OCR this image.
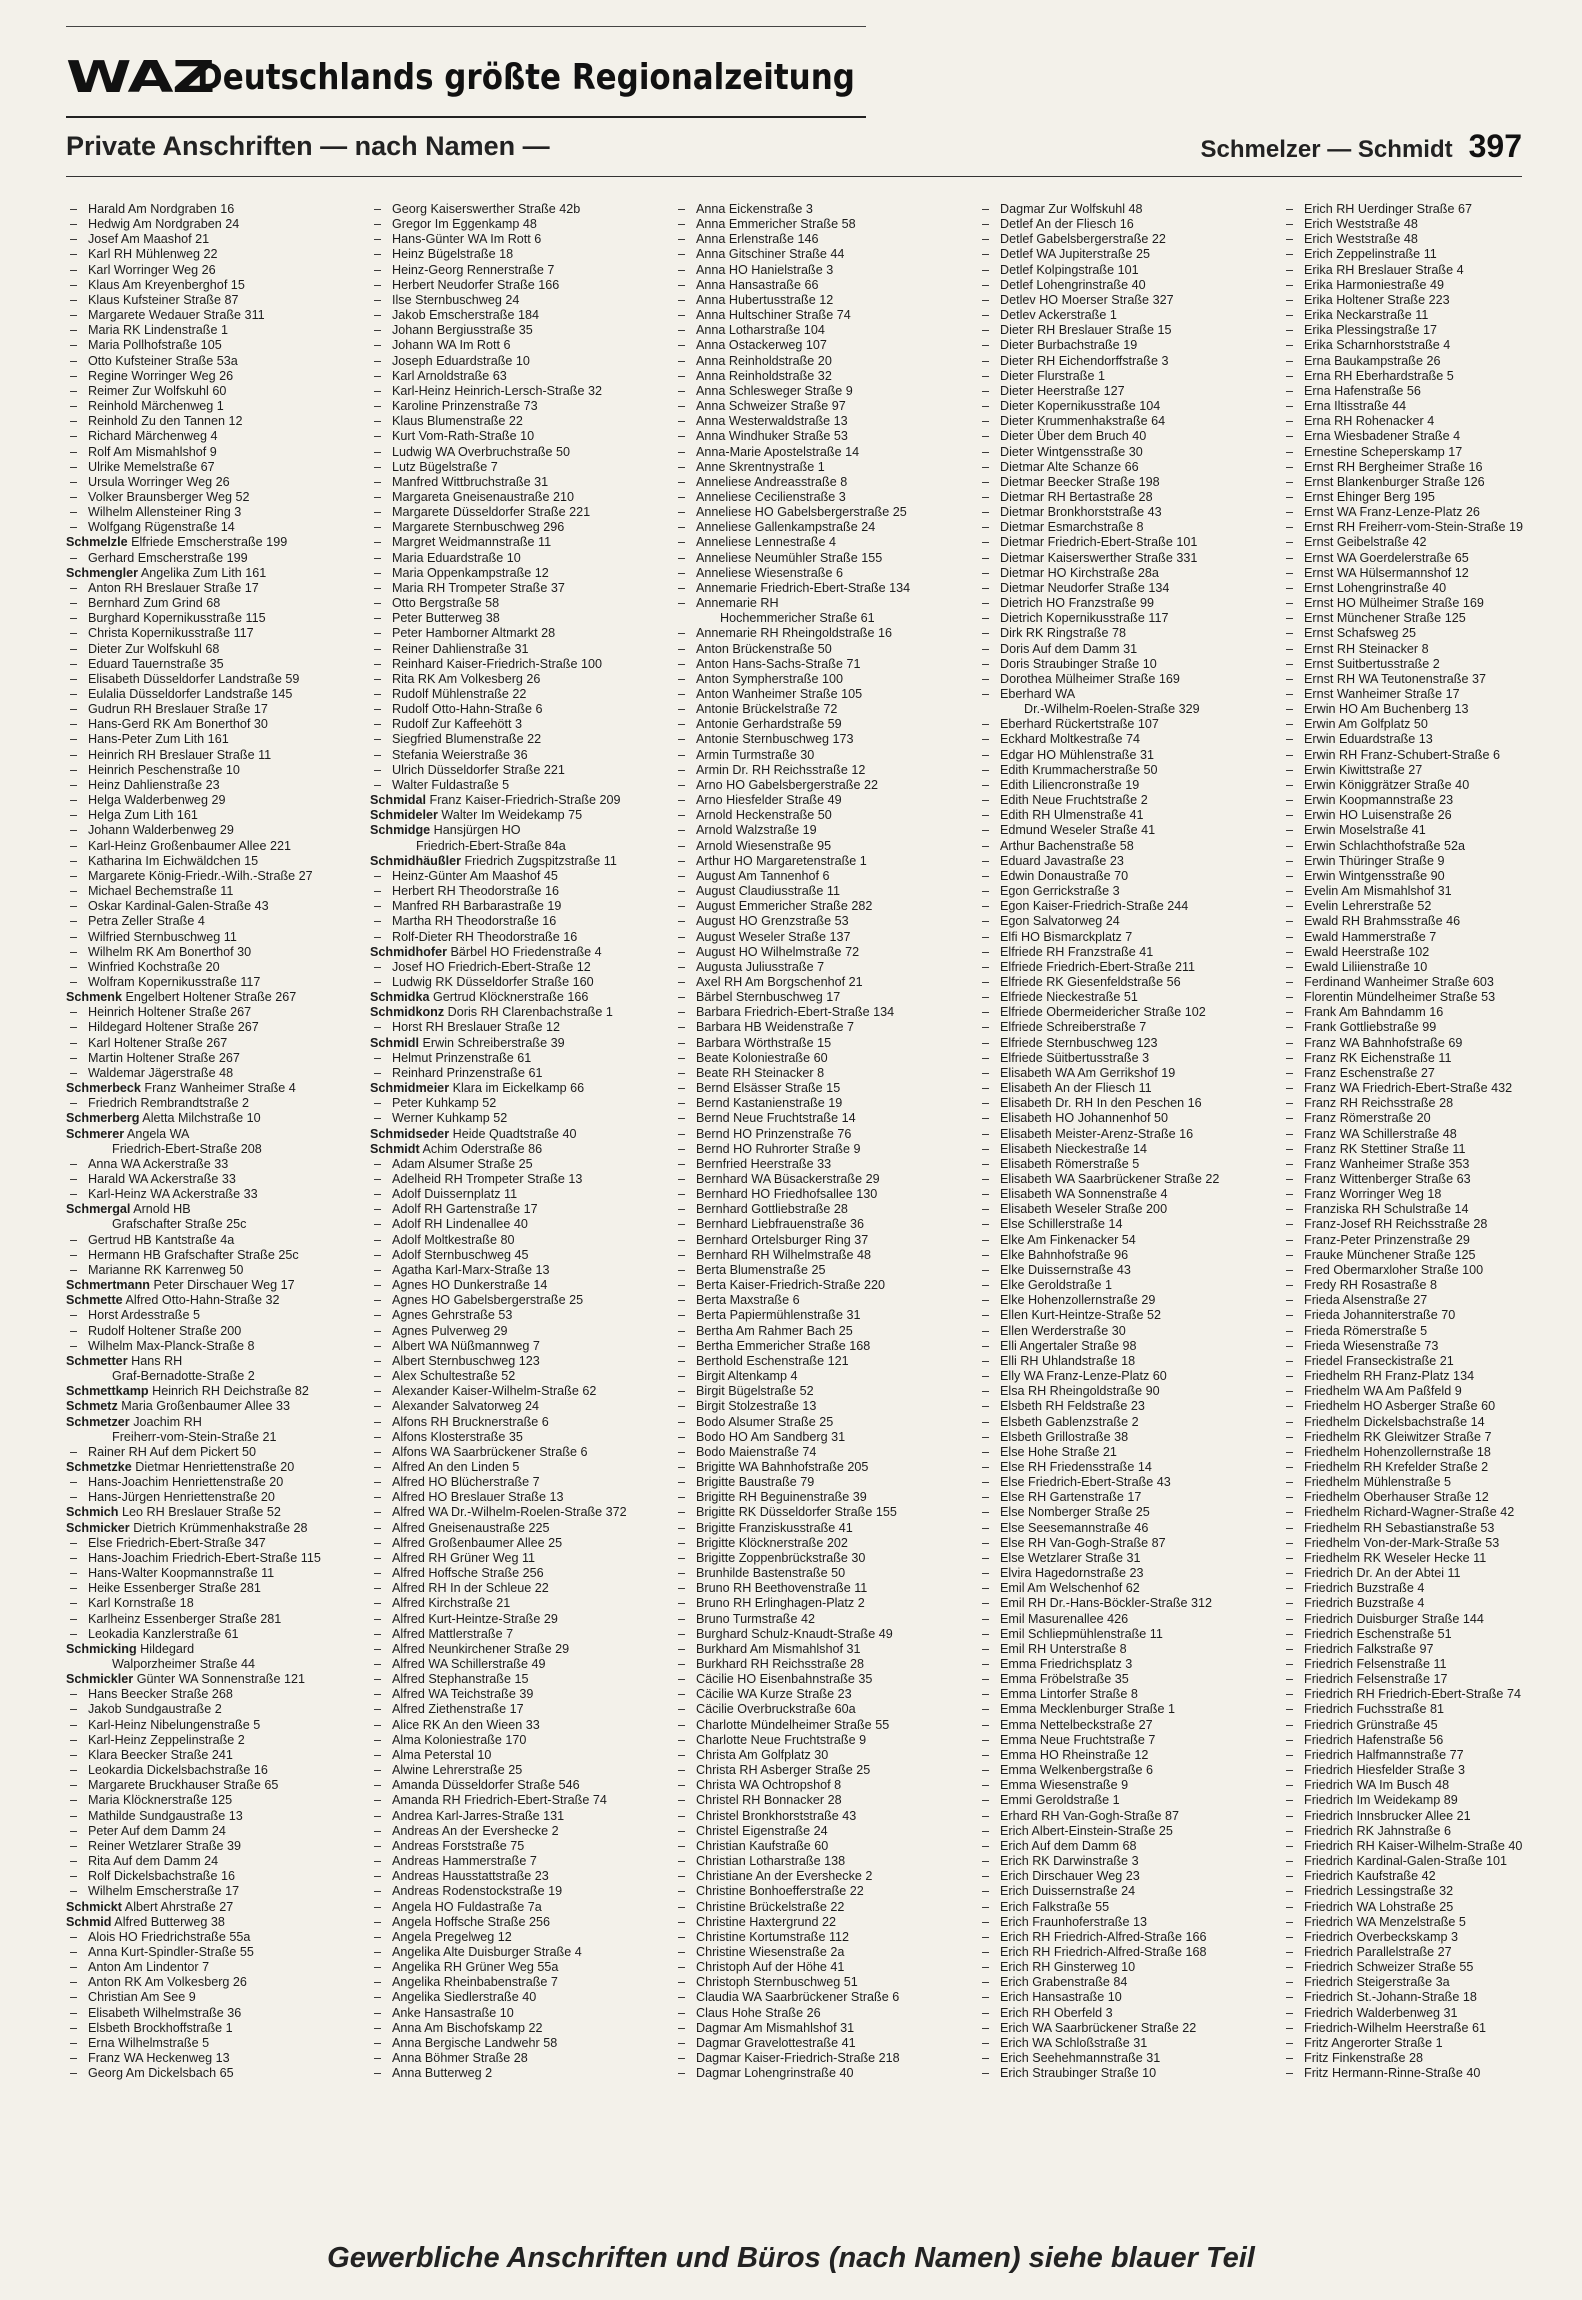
WAZ
Deutschlands größte Regionalzeitung
Private Anschriften — nach Namen —	Schmelzer — Schmidt 397
– Harald Am Nordgraben 16
– Hedwig Am Nordgraben 24
– Josef Am Maashof 21
– Karl RH Mühlenweg 22
– Karl Worringer Weg 26
– Klaus Am Kreyenberghof 15
– Klaus Kufsteiner Straße 87
– Margarete Wedauer Straße 311
– Maria RK Lindenstraße 1
– Maria Pollhofstraße 105
– Otto Kufsteiner Straße 53a
– Regine Worringer Weg 26
– Reimer Zur Wolfskuhl 60
– Reinhold Märchenweg 1
– Reinhold Zu den Tannen 12
– Richard Märchenweg 4
– Rolf Am Mismahlshof 9
– Ulrike Memelstraße 67
– Ursula Worringer Weg 26
– Volker Braunsberger Weg 52
– Wilhelm Allensteiner Ring 3
– Wolfgang Rügenstraße 14
Schmelzle Elfriede Emscherstraße 199
– Gerhard Emscherstraße 199
Schmengler Angelika Zum Lith 161
– Anton RH Breslauer Straße 17
– Bernhard Zum Grind 68
– Burghard Kopernikusstraße 115
– Christa Kopernikusstraße 117
– Dieter Zur Wolfskuhl 68
– Eduard Tauernstraße 35
– Elisabeth Düsseldorfer Landstraße 59
– Eulalia Düsseldorfer Landstraße 145
– Gudrun RH Breslauer Straße 17
– Hans-Gerd RK Am Bonerthof 30
– Hans-Peter Zum Lith 161
– Heinrich RH Breslauer Straße 11
– Heinrich Peschenstraße 10
– Heinz Dahlienstraße 23
– Helga Walderbenweg 29
– Helga Zum Lith 161
– Johann Walderbenweg 29
– Karl-Heinz Großenbaumer Allee 221
– Katharina Im Eichwäldchen 15
– Margarete König-Friedr.-Wilh.-Straße 27
– Michael Bechemstraße 11
– Oskar Kardinal-Galen-Straße 43
– Petra Zeller Straße 4
– Wilfried Sternbuschweg 11
– Wilhelm RK Am Bonerthof 30
– Winfried Kochstraße 20
– Wolfram Kopernikusstraße 117
Schmenk Engelbert Holtener Straße 267
– Heinrich Holtener Straße 267
– Hildegard Holtener Straße 267
– Karl Holtener Straße 267
– Martin Holtener Straße 267
– Waldemar Jägerstraße 48
Schmerbeck Franz Wanheimer Straße 4
– Friedrich Rembrandtstraße 2
Schmerberg Aletta Milchstraße 10
Schmerer Angela WA
Friedrich-Ebert-Straße 208
– Anna WA Ackerstraße 33
– Harald WA Ackerstraße 33
– Karl-Heinz WA Ackerstraße 33
Schmergal Arnold HB
Grafschafter Straße 25c
– Gertrud HB Kantstraße 4a
– Hermann HB Grafschafter Straße 25c
– Marianne RK Karrenweg 50
Schmertmann Peter Dirschauer Weg 17
Schmette Alfred Otto-Hahn-Straße 32
– Horst Ardesstraße 5
– Rudolf Holtener Straße 200
– Wilhelm Max-Planck-Straße 8
Schmetter Hans RH
Graf-Bernadotte-Straße 2
Schmettkamp Heinrich RH Deichstraße 82
Schmetz Maria Großenbaumer Allee 33
Schmetzer Joachim RH
Freiherr-vom-Stein-Straße 21
– Rainer RH Auf dem Pickert 50
Schmetzke Dietmar Henriettenstraße 20
– Hans-Joachim Henriettenstraße 20
– Hans-Jürgen Henriettenstraße 20
Schmich Leo RH Breslauer Straße 52
Schmicker Dietrich Krümmenhakstraße 28
– Else Friedrich-Ebert-Straße 347
– Hans-Joachim Friedrich-Ebert-Straße 115
– Hans-Walter Koopmannstraße 11
– Heike Essenberger Straße 281
– Karl Kornstraße 18
– Karlheinz Essenberger Straße 281
– Leokadia Kanzlerstraße 61
Schmicking Hildegard
Walporzheimer Straße 44
Schmickler Günter WA Sonnenstraße 121
– Hans Beecker Straße 268
– Jakob Sundgaustraße 2
– Karl-Heinz Nibelungenstraße 5
– Karl-Heinz Zeppelinstraße 2
– Klara Beecker Straße 241
– Leokardia Dickelsbachstraße 16
– Margarete Bruckhauser Straße 65
– Maria Klöcknerstraße 125
– Mathilde Sundgaustraße 13
– Peter Auf dem Damm 24
– Reiner Wetzlarer Straße 39
– Rita Auf dem Damm 24
– Rolf Dickelsbachstraße 16
– Wilhelm Emscherstraße 17
Schmickt Albert Ahrstraße 27
Schmid Alfred Butterweg 38
– Alois HO Friedrichstraße 55a
– Anna Kurt-Spindler-Straße 55
– Anton Am Lindentor 7
– Anton RK Am Volkesberg 26
– Christian Am See 9
– Elisabeth Wilhelmstraße 36
– Elsbeth Brockhoffstraße 1
– Erna Wilhelmstraße 5
– Franz WA Heckenweg 13
– Georg Am Dickelsbach 65
– Georg Kaiserswerther Straße 42b
– Gregor Im Eggenkamp 48
– Hans-Günter WA Im Rott 6
– Heinz Bügelstraße 18
– Heinz-Georg Rennerstraße 7
– Herbert Neudorfer Straße 166
– Ilse Sternbuschweg 24
– Jakob Emscherstraße 184
– Johann Bergiusstraße 35
– Johann WA Im Rott 6
– Joseph Eduardstraße 10
– Karl Arnoldstraße 63
– Karl-Heinz Heinrich-Lersch-Straße 32
– Karoline Prinzenstraße 73
– Klaus Blumenstraße 22
– Kurt Vom-Rath-Straße 10
– Ludwig WA Overbruchstraße 50
– Lutz Bügelstraße 7
– Manfred Wittbruchstraße 31
– Margareta Gneisenaustraße 210
– Margarete Düsseldorfer Straße 221
– Margarete Sternbuschweg 296
– Margret Weidmannstraße 11
– Maria Eduardstraße 10
– Maria Oppenkampstraße 12
– Maria RH Trompeter Straße 37
– Otto Bergstraße 58
– Peter Butterweg 38
– Peter Hamborner Altmarkt 28
– Reiner Dahlienstraße 31
– Reinhard Kaiser-Friedrich-Straße 100
– Rita RK Am Volkesberg 26
– Rudolf Mühlenstraße 22
– Rudolf Otto-Hahn-Straße 6
– Rudolf Zur Kaffeehött 3
– Siegfried Blumenstraße 22
– Stefania Weierstraße 36
– Ulrich Düsseldorfer Straße 221
– Walter Fuldastraße 5
Schmidal Franz Kaiser-Friedrich-Straße 209
Schmideler Walter Im Weidekamp 75
Schmidge Hansjürgen HO
Friedrich-Ebert-Straße 84a
Schmidhäußler Friedrich Zugspitzstraße 11
– Heinz-Günter Am Maashof 45
– Herbert RH Theodorstraße 16
– Manfred RH Barbarastraße 19
– Martha RH Theodorstraße 16
– Rolf-Dieter RH Theodorstraße 16
Schmidhofer Bärbel HO Friedenstraße 4
– Josef HO Friedrich-Ebert-Straße 12
– Ludwig RK Düsseldorfer Straße 160
Schmidka Gertrud Klöcknerstraße 166
Schmidkonz Doris RH Clarenbachstraße 1
– Horst RH Breslauer Straße 12
Schmidl Erwin Schreiberstraße 39
– Helmut Prinzenstraße 61
– Reinhard Prinzenstraße 61
Schmidmeier Klara im Eickelkamp 66
– Peter Kuhkamp 52
– Werner Kuhkamp 52
Schmidseder Heide Quadtstraße 40
Schmidt Achim Oderstraße 86
– Adam Alsumer Straße 25
– Adelheid RH Trompeter Straße 13
– Adolf Duissernplatz 11
– Adolf RH Gartenstraße 17
– Adolf RH Lindenallee 40
– Adolf Moltkestraße 80
– Adolf Sternbuschweg 45
– Agatha Karl-Marx-Straße 13
– Agnes HO Dunkerstraße 14
– Agnes HO Gabelsbergerstraße 25
– Agnes Gehrstraße 53
– Agnes Pulverweg 29
– Albert WA Nüßmannweg 7
– Albert Sternbuschweg 123
– Alex Schultestraße 52
– Alexander Kaiser-Wilhelm-Straße 62
– Alexander Salvatorweg 24
– Alfons RH Brucknerstraße 6
– Alfons Klosterstraße 35
– Alfons WA Saarbrückener Straße 6
– Alfred An den Linden 5
– Alfred HO Blücherstraße 7
– Alfred HO Breslauer Straße 13
– Alfred WA Dr.-Wilhelm-Roelen-Straße 372
– Alfred Gneisenaustraße 225
– Alfred Großenbaumer Allee 25
– Alfred RH Grüner Weg 11
– Alfred Hoffsche Straße 256
– Alfred RH In der Schleue 22
– Alfred Kirchstraße 21
– Alfred Kurt-Heintze-Straße 29
– Alfred Mattlerstraße 7
– Alfred Neunkirchener Straße 29
– Alfred WA Schillerstraße 49
– Alfred Stephanstraße 15
– Alfred WA Teichstraße 39
– Alfred Ziethenstraße 17
– Alice RK An den Wieen 33
– Alma Koloniestraße 170
– Alma Peterstal 10
– Alwine Lehrerstraße 25
– Amanda Düsseldorfer Straße 546
– Amanda RH Friedrich-Ebert-Straße 74
– Andrea Karl-Jarres-Straße 131
– Andreas An der Evershecke 2
– Andreas Forststraße 75
– Andreas Hammerstraße 7
– Andreas Hausstattstraße 23
– Andreas Rodenstockstraße 19
– Angela HO Fuldastraße 7a
– Angela Hoffsche Straße 256
– Angela Pregelweg 12
– Angelika Alte Duisburger Straße 4
– Angelika RH Grüner Weg 55a
– Angelika Rheinbabenstraße 7
– Angelika Siedlerstraße 40
– Anke Hansastraße 10
– Anna Am Bischofskamp 22
– Anna Bergische Landwehr 58
– Anna Böhmer Straße 28
– Anna Butterweg 2
– Anna Eickenstraße 3
– Anna Emmericher Straße 58
– Anna Erlenstraße 146
– Anna Gitschiner Straße 44
– Anna HO Hanielstraße 3
– Anna Hansastraße 66
– Anna Hubertusstraße 12
– Anna Hultschiner Straße 74
– Anna Lotharstraße 104
– Anna Ostackerweg 107
– Anna Reinholdstraße 20
– Anna Reinholdstraße 32
– Anna Schlesweger Straße 9
– Anna Schweizer Straße 97
– Anna Westerwaldstraße 13
– Anna Windhuker Straße 53
– Anna-Marie Apostelstraße 14
– Anne Skrentnystraße 1
– Anneliese Andreasstraße 8
– Anneliese Cecilienstraße 3
– Anneliese HO Gabelsbergerstraße 25
– Anneliese Gallenkampstraße 24
– Anneliese Lennestraße 4
– Anneliese Neumühler Straße 155
– Anneliese Wiesenstraße 6
– Annemarie Friedrich-Ebert-Straße 134
– Annemarie RH
Hochemmericher Straße 61
– Annemarie RH Rheingoldstraße 16
– Anton Brückenstraße 50
– Anton Hans-Sachs-Straße 71
– Anton Sympherstraße 100
– Anton Wanheimer Straße 105
– Antonie Brückelstraße 72
– Antonie Gerhardstraße 59
– Antonie Sternbuschweg 173
– Armin Turmstraße 30
– Armin Dr. RH Reichsstraße 12
– Arno HO Gabelsbergerstraße 22
– Arno Hiesfelder Straße 49
– Arnold Heckenstraße 50
– Arnold Walzstraße 19
– Arnold Wiesenstraße 95
– Arthur HO Margaretenstraße 1
– August Am Tannenhof 6
– August Claudiusstraße 11
– August Emmericher Straße 282
– August HO Grenzstraße 53
– August Weseler Straße 137
– August HO Wilhelmstraße 72
– Augusta Juliusstraße 7
– Axel RH Am Borgschenhof 21
– Bärbel Sternbuschweg 17
– Barbara Friedrich-Ebert-Straße 134
– Barbara HB Weidenstraße 7
– Barbara Wörthstraße 15
– Beate Koloniestraße 60
– Beate RH Steinacker 8
– Bernd Elsässer Straße 15
– Bernd Kastanienstraße 19
– Bernd Neue Fruchtstraße 14
– Bernd HO Prinzenstraße 76
– Bernd HO Ruhrorter Straße 9
– Bernfried Heerstraße 33
– Bernhard WA Büsackerstraße 29
– Bernhard HO Friedhofsallee 130
– Bernhard Gottliebstraße 28
– Bernhard Liebfrauenstraße 36
– Bernhard Ortelsburger Ring 37
– Bernhard RH Wilhelmstraße 48
– Berta Blumenstraße 25
– Berta Kaiser-Friedrich-Straße 220
– Berta Maxstraße 6
– Berta Papiermühlenstraße 31
– Bertha Am Rahmer Bach 25
– Bertha Emmericher Straße 168
– Berthold Eschenstraße 121
– Birgit Altenkamp 4
– Birgit Bügelstraße 52
– Birgit Stolzestraße 13
– Bodo Alsumer Straße 25
– Bodo HO Am Sandberg 31
– Bodo Maienstraße 74
– Brigitte WA Bahnhofstraße 205
– Brigitte Baustraße 79
– Brigitte RH Beguinenstraße 39
– Brigitte RK Düsseldorfer Straße 155
– Brigitte Franziskusstraße 41
– Brigitte Klöcknerstraße 202
– Brigitte Zoppenbrückstraße 30
– Brunhilde Bastenstraße 50
– Bruno RH Beethovenstraße 11
– Bruno RH Erlinghagen-Platz 2
– Bruno Turmstraße 42
– Burghard Schulz-Knaudt-Straße 49
– Burkhard Am Mismahlshof 31
– Burkhard RH Reichsstraße 28
– Cäcilie HO Eisenbahnstraße 35
– Cäcilie WA Kurze Straße 23
– Cäcilie Overbruckstraße 60a
– Charlotte Mündelheimer Straße 55
– Charlotte Neue Fruchtstraße 9
– Christa Am Golfplatz 30
– Christa RH Asberger Straße 25
– Christa WA Ochtropshof 8
– Christel RH Bonnacker 28
– Christel Bronkhorststraße 43
– Christel Eigenstraße 24
– Christian Kaufstraße 60
– Christian Lotharstraße 138
– Christiane An der Evershecke 2
– Christine Bonhoefferstraße 22
– Christine Brückelstraße 22
– Christine Haxtergrund 22
– Christine Kortumstraße 112
– Christine Wiesenstraße 2a
– Christoph Auf der Höhe 41
– Christoph Sternbuschweg 51
– Claudia WA Saarbrückener Straße 6
– Claus Hohe Straße 26
– Dagmar Am Mismahlshof 31
– Dagmar Gravelottestraße 41
– Dagmar Kaiser-Friedrich-Straße 218
– Dagmar Lohengrinstraße 40
– Dagmar Zur Wolfskuhl 48
– Detlef An der Fliesch 16
– Detlef Gabelsbergerstraße 22
– Detlef WA Jupiterstraße 25
– Detlef Kolpingstraße 101
– Detlef Lohengrinstraße 40
– Detlev HO Moerser Straße 327
– Detlev Ackerstraße 1
– Dieter RH Breslauer Straße 15
– Dieter Burbachstraße 19
– Dieter RH Eichendorffstraße 3
– Dieter Flurstraße 1
– Dieter Heerstraße 127
– Dieter Kopernikusstraße 104
– Dieter Krummenhakstraße 64
– Dieter Über dem Bruch 40
– Dieter Wintgensstraße 30
– Dietmar Alte Schanze 66
– Dietmar Beecker Straße 198
– Dietmar RH Bertastraße 28
– Dietmar Bronkhorststraße 43
– Dietmar Esmarchstraße 8
– Dietmar Friedrich-Ebert-Straße 101
– Dietmar Kaiserswerther Straße 331
– Dietmar HO Kirchstraße 28a
– Dietmar Neudorfer Straße 134
– Dietrich HO Franzstraße 99
– Dietrich Kopernikusstraße 117
– Dirk RK Ringstraße 78
– Doris Auf dem Damm 31
– Doris Straubinger Straße 10
– Dorothea Mülheimer Straße 169
– Eberhard WA
Dr.-Wilhelm-Roelen-Straße 329
– Eberhard Rückertstraße 107
– Eckhard Moltkestraße 74
– Edgar HO Mühlenstraße 31
– Edith Krummacherstraße 50
– Edith Liliencronstraße 19
– Edith Neue Fruchtstraße 2
– Edith RH Ulmenstraße 41
– Edmund Weseler Straße 41
– Arthur Bachenstraße 58
– Eduard Javastraße 23
– Edwin Donaustraße 70
– Egon Gerrickstraße 3
– Egon Kaiser-Friedrich-Straße 244
– Egon Salvatorweg 24
– Elfi HO Bismarckplatz 7
– Elfriede RH Franzstraße 41
– Elfriede Friedrich-Ebert-Straße 211
– Elfriede RK Giesenfeldstraße 56
– Elfriede Nieckestraße 51
– Elfriede Obermeidericher Straße 102
– Elfriede Schreiberstraße 7
– Elfriede Sternbuschweg 123
– Elfriede Süitbertusstraße 3
– Elisabeth WA Am Gerrikshof 19
– Elisabeth An der Fliesch 11
– Elisabeth Dr. RH In den Peschen 16
– Elisabeth HO Johannenhof 50
– Elisabeth Meister-Arenz-Straße 16
– Elisabeth Nieckestraße 14
– Elisabeth Römerstraße 5
– Elisabeth WA Saarbrückener Straße 22
– Elisabeth WA Sonnenstraße 4
– Elisabeth Weseler Straße 200
– Else Schillerstraße 14
– Elke Am Finkenacker 54
– Elke Bahnhofstraße 96
– Elke Duissernstraße 43
– Elke Geroldstraße 1
– Elke Hohenzollernstraße 29
– Ellen Kurt-Heintze-Straße 52
– Ellen Werderstraße 30
– Elli Angertaler Straße 98
– Elli RH Uhlandstraße 18
– Elly WA Franz-Lenze-Platz 60
– Elsa RH Rheingoldstraße 90
– Elsbeth RH Feldstraße 23
– Elsbeth Gablenzstraße 2
– Elsbeth Grillostraße 38
– Else Hohe Straße 21
– Else RH Friedensstraße 14
– Else Friedrich-Ebert-Straße 43
– Else RH Gartenstraße 17
– Else Nomberger Straße 25
– Else Seesemannstraße 46
– Else RH Van-Gogh-Straße 87
– Else Wetzlarer Straße 31
– Elvira Hagedornstraße 23
– Emil Am Welschenhof 62
– Emil RH Dr.-Hans-Böckler-Straße 312
– Emil Masurenallee 426
– Emil Schliepmühlenstraße 11
– Emil RH Unterstraße 8
– Emma Friedrichsplatz 3
– Emma Fröbelstraße 35
– Emma Lintorfer Straße 8
– Emma Mecklenburger Straße 1
– Emma Nettelbeckstraße 27
– Emma Neue Fruchtstraße 7
– Emma HO Rheinstraße 12
– Emma Welkenbergstraße 6
– Emma Wiesenstraße 9
– Emmi Geroldstraße 1
– Erhard RH Van-Gogh-Straße 87
– Erich Albert-Einstein-Straße 25
– Erich Auf dem Damm 68
– Erich RK Darwinstraße 3
– Erich Dirschauer Weg 23
– Erich Duissernstraße 24
– Erich Falkstraße 55
– Erich Fraunhoferstraße 13
– Erich RH Friedrich-Alfred-Straße 166
– Erich RH Friedrich-Alfred-Straße 168
– Erich RH Ginsterweg 10
– Erich Grabenstraße 84
– Erich Hansastraße 10
– Erich RH Oberfeld 3
– Erich WA Saarbrückener Straße 22
– Erich WA Schloßstraße 31
– Erich Seehehmannstraße 31
– Erich Straubinger Straße 10
– Erich RH Uerdinger Straße 67
– Erich Weststraße 48
– Erich Weststraße 48
– Erich Zeppelinstraße 11
– Erika RH Breslauer Straße 4
– Erika Harmoniestraße 49
– Erika Holtener Straße 223
– Erika Neckarstraße 11
– Erika Plessingstraße 17
– Erika Scharnhorststraße 4
– Erna Baukampstraße 26
– Erna RH Eberhardstraße 5
– Erna Hafenstraße 56
– Erna Iltisstraße 44
– Erna RH Rohenacker 4
– Erna Wiesbadener Straße 4
– Ernestine Scheperskamp 17
– Ernst RH Bergheimer Straße 16
– Ernst Blankenburger Straße 126
– Ernst Ehinger Berg 195
– Ernst WA Franz-Lenze-Platz 26
– Ernst RH Freiherr-vom-Stein-Straße 19
– Ernst Geibelstraße 42
– Ernst WA Goerdelerstraße 65
– Ernst WA Hülsermannshof 12
– Ernst Lohengrinstraße 40
– Ernst HO Mülheimer Straße 169
– Ernst Münchener Straße 125
– Ernst Schafsweg 25
– Ernst RH Steinacker 8
– Ernst Suitbertusstraße 2
– Ernst RH WA Teutonenstraße 37
– Ernst Wanheimer Straße 17
– Erwin HO Am Buchenberg 13
– Erwin Am Golfplatz 50
– Erwin Eduardstraße 13
– Erwin RH Franz-Schubert-Straße 6
– Erwin Kiwittstraße 27
– Erwin Königgrätzer Straße 40
– Erwin Koopmannstraße 23
– Erwin HO Luisenstraße 26
– Erwin Moselstraße 41
– Erwin Schlachthofstraße 52a
– Erwin Thüringer Straße 9
– Erwin Wintgensstraße 90
– Evelin Am Mismahlshof 31
– Evelin Lehrerstraße 52
– Ewald RH Brahmsstraße 46
– Ewald Hammerstraße 7
– Ewald Heerstraße 102
– Ewald Liliienstraße 10
– Ferdinand Wanheimer Straße 603
– Florentin Mündelheimer Straße 53
– Frank Am Bahndamm 16
– Frank Gottliebstraße 99
– Franz WA Bahnhofstraße 69
– Franz RK Eichenstraße 11
– Franz Eschenstraße 27
– Franz WA Friedrich-Ebert-Straße 432
– Franz RH Reichsstraße 28
– Franz Römerstraße 20
– Franz WA Schillerstraße 48
– Franz RK Stettiner Straße 11
– Franz Wanheimer Straße 353
– Franz Wittenberger Straße 63
– Franz Worringer Weg 18
– Franziska RH Schulstraße 14
– Franz-Josef RH Reichsstraße 28
– Franz-Peter Prinzenstraße 29
– Frauke Münchener Straße 125
– Fred Obermarxloher Straße 100
– Fredy RH Rosastraße 8
– Frieda Alsenstraße 27
– Frieda Johanniterstraße 70
– Frieda Römerstraße 5
– Frieda Wiesenstraße 73
– Friedel Franseckistraße 21
– Friedhelm RH Franz-Platz 134
– Friedhelm WA Am Paßfeld 9
– Friedhelm HO Asberger Straße 60
– Friedhelm Dickelsbachstraße 14
– Friedhelm RK Gleiwitzer Straße 7
– Friedhelm Hohenzollernstraße 18
– Friedhelm RH Krefelder Straße 2
– Friedhelm Mühlenstraße 5
– Friedhelm Oberhauser Straße 12
– Friedhelm Richard-Wagner-Straße 42
– Friedhelm RH Sebastianstraße 53
– Friedhelm Von-der-Mark-Straße 53
– Friedhelm RK Weseler Hecke 11
– Friedrich Dr. An der Abtei 11
– Friedrich Buzstraße 4
– Friedrich Buzstraße 4
– Friedrich Duisburger Straße 144
– Friedrich Eschenstraße 51
– Friedrich Falkstraße 97
– Friedrich Felsenstraße 11
– Friedrich Felsenstraße 17
– Friedrich RH Friedrich-Ebert-Straße 74
– Friedrich Fuchsstraße 81
– Friedrich Grünstraße 45
– Friedrich Hafenstraße 56
– Friedrich Halfmannstraße 77
– Friedrich Hiesfelder Straße 3
– Friedrich WA Im Busch 48
– Friedrich Im Weidekamp 89
– Friedrich Innsbrucker Allee 21
– Friedrich RK Jahnstraße 6
– Friedrich RH Kaiser-Wilhelm-Straße 40
– Friedrich Kardinal-Galen-Straße 101
– Friedrich Kaufstraße 42
– Friedrich Lessingstraße 32
– Friedrich WA Lohstraße 25
– Friedrich WA Menzelstraße 5
– Friedrich Overbeckskamp 3
– Friedrich Parallelstraße 27
– Friedrich Schweizer Straße 55
– Friedrich Steigerstraße 3a
– Friedrich St.-Johann-Straße 18
– Friedrich Walderbenweg 31
– Friedrich-Wilhelm Heerstraße 61
– Fritz Angerorter Straße 1
– Fritz Finkenstraße 28
– Fritz Hermann-Rinne-Straße 40
Gewerbliche Anschriften und Büros (nach Namen) siehe blauer Teil
